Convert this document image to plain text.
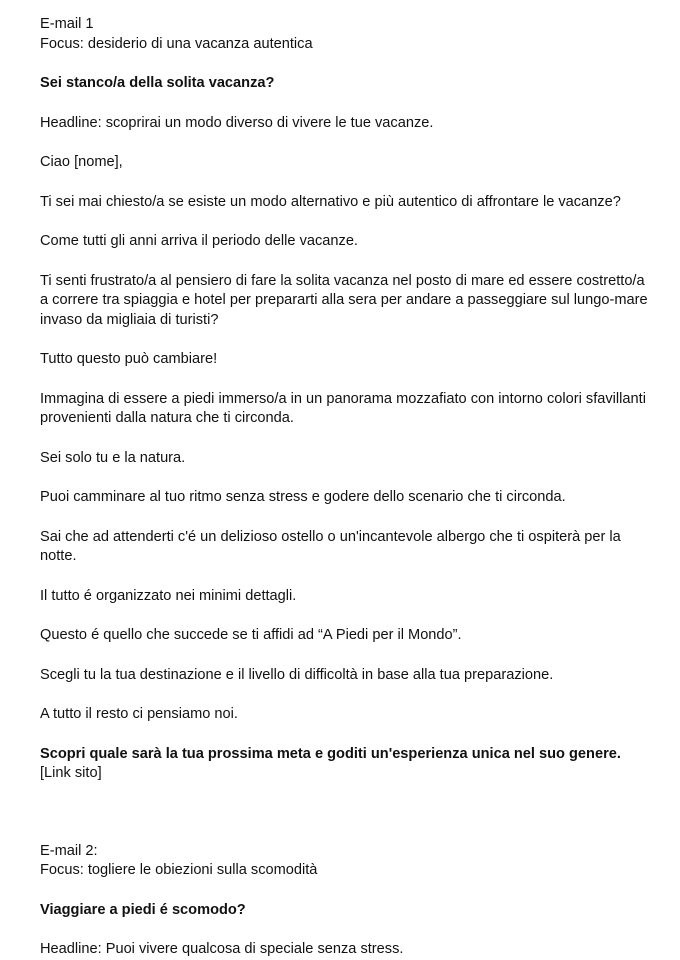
E-mail 1

Focus: desiderio di una vacanza autentica

Sei stanco/a della solita vacanza?

Headline: scoprirai un modo diverso di vivere le tue vacanze.

Ciao [nome],

Ti sei mai chiesto/a se esiste un modo alternativo e più autentico di affrontare le vacanze?

Come tutti gli anni arriva il periodo delle vacanze.

Ti senti frustrato/a al pensiero di fare la solita vacanza nel posto di mare ed essere costretto/a a correre tra spiaggia e hotel per prepararti alla sera per andare a passeggiare sul lungo-mare invaso da migliaia di turisti?

Tutto questo può cambiare!

Immagina di essere a piedi immerso/a in un panorama mozzafiato con intorno colori sfavillanti provenienti dalla natura che ti circonda.

Sei solo tu e la natura.

Puoi camminare al tuo ritmo senza stress e godere dello scenario che ti circonda.

Sai che ad attenderti c'é un delizioso ostello o un'incantevole albergo che ti ospiterà per la notte.

Il tutto é organizzato nei minimi dettagli.

Questo é quello che succede se ti affidi ad “A Piedi per il Mondo”.

Scegli tu la tua destinazione e il livello di difficoltà in base alla tua preparazione.

A tutto il resto ci pensiamo noi.

Scopri quale sarà la tua prossima meta e goditi un'esperienza unica nel suo genere.

[Link sito]

E-mail 2:

Focus: togliere le obiezioni sulla scomodità

Viaggiare a piedi é scomodo?

Headline: Puoi vivere qualcosa di speciale senza stress.
